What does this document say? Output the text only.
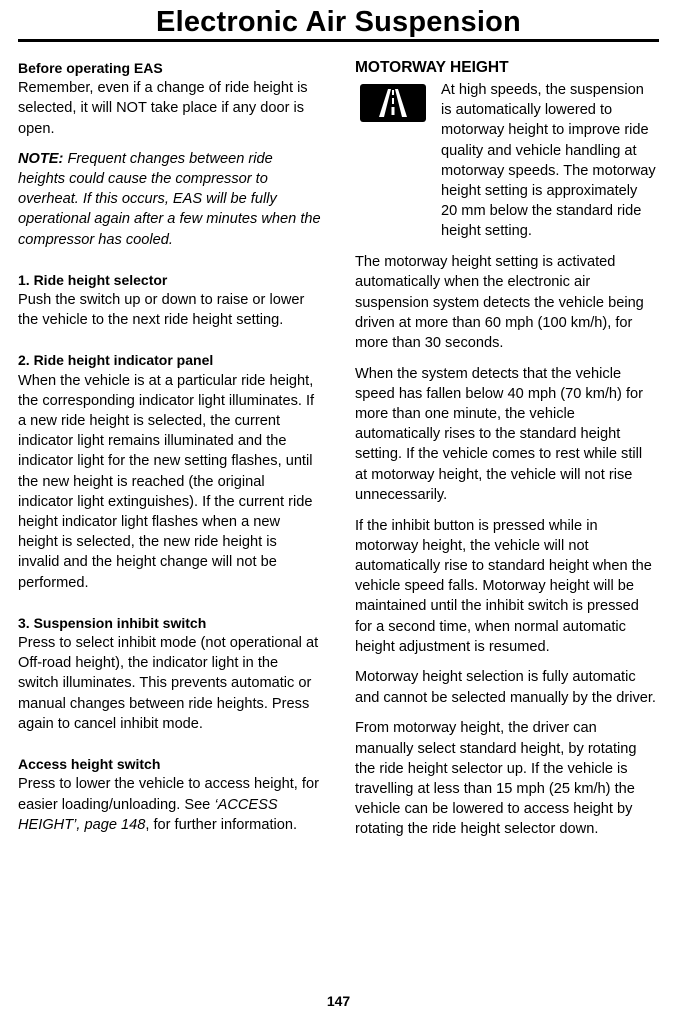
Electronic Air Suspension
Before operating EAS

Remember, even if a change of ride height is selected, it will NOT take place if any door is open.

NOTE: Frequent changes between ride heights could cause the compressor to overheat. If this occurs, EAS will be fully operational again after a few minutes when the compressor has cooled.

1. Ride height selector

Push the switch up or down to raise or lower the vehicle to the next ride height setting.

2. Ride height indicator panel

When the vehicle is at a particular ride height, the corresponding indicator light illuminates. If a new ride height is selected, the current indicator light remains illuminated and the indicator light for the new setting flashes, until the new height is reached (the original indicator light extinguishes). If the current ride height indicator light flashes when a new height is selected, the new ride height is invalid and the height change will not be performed.

3. Suspension inhibit switch

Press to select inhibit mode (not operational at Off-road height), the indicator light in the switch illuminates. This prevents automatic or manual changes between ride heights. Press again to cancel inhibit mode.

Access height switch

Press to lower the vehicle to access height, for easier loading/unloading. See ‘ACCESS HEIGHT’, page 148, for further information.

MOTORWAY HEIGHT

At high speeds, the suspension is automatically lowered to motorway height to improve ride quality and vehicle handling at motorway speeds. The motorway height setting is approximately 20 mm below the standard ride height setting.

The motorway height setting is activated automatically when the electronic air suspension system detects the vehicle being driven at more than 60 mph (100 km/h), for more than 30 seconds.

When the system detects that the vehicle speed has fallen below 40 mph (70 km/h) for more than one minute, the vehicle automatically rises to the standard height setting. If the vehicle comes to rest while still at motorway height, the vehicle will not rise unnecessarily.

If the inhibit button is pressed while in motorway height, the vehicle will not automatically rise to standard height when the vehicle speed falls. Motorway height will be maintained until the inhibit switch is pressed for a second time, when normal automatic height adjustment is resumed.

Motorway height selection is fully automatic and cannot be selected manually by the driver.

From motorway height, the driver can manually select standard height, by rotating the ride height selector up. If the vehicle is travelling at less than 15 mph (25 km/h) the vehicle can be lowered to access height by rotating the ride height selector down.

147
